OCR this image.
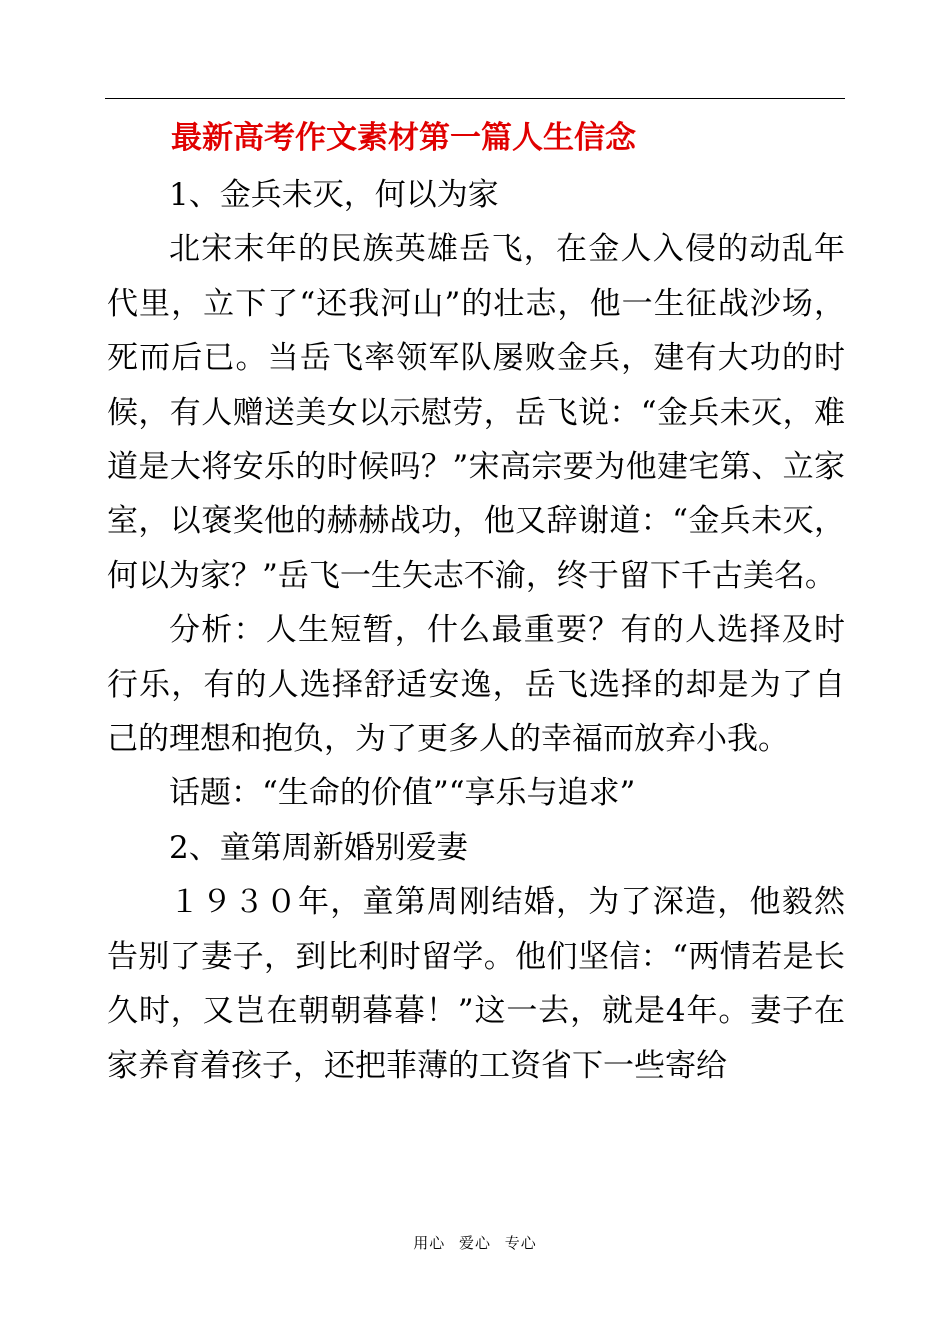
最新高考作文素材第一篇人生信念

1、金兵未灭，何以为家

北宋末年的民族英雄岳飞，在金人入侵的动乱年代里，立下了“还我河山”的壮志，他一生征战沙场，死而后已。当岳飞率领军队屡败金兵，建有大功的时候，有人赠送美女以示慰劳，岳飞说：“金兵未灭，难道是大将安乐的时候吗？”宋高宗要为他建宅第、立家室，以褒奖他的赫赫战功，他又辞谢道：“金兵未灭，何以为家？”岳飞一生矢志不渝，终于留下千古美名。

分析：人生短暂，什么最重要？有的人选择及时行乐，有的人选择舒适安逸，岳飞选择的却是为了自己的理想和抱负，为了更多人的幸福而放弃小我。

话题：“生命的价值”“享乐与追求”

2、童第周新婚别爱妻

１９３０年，童第周刚结婚，为了深造，他毅然告别了妻子，到比利时留学。他们坚信：“两情若是长久时，又岂在朝朝暮暮！”这一去，就是4年。妻子在家养育着孩子，还把菲薄的工资省下一些寄给

用心 爱心 专心
